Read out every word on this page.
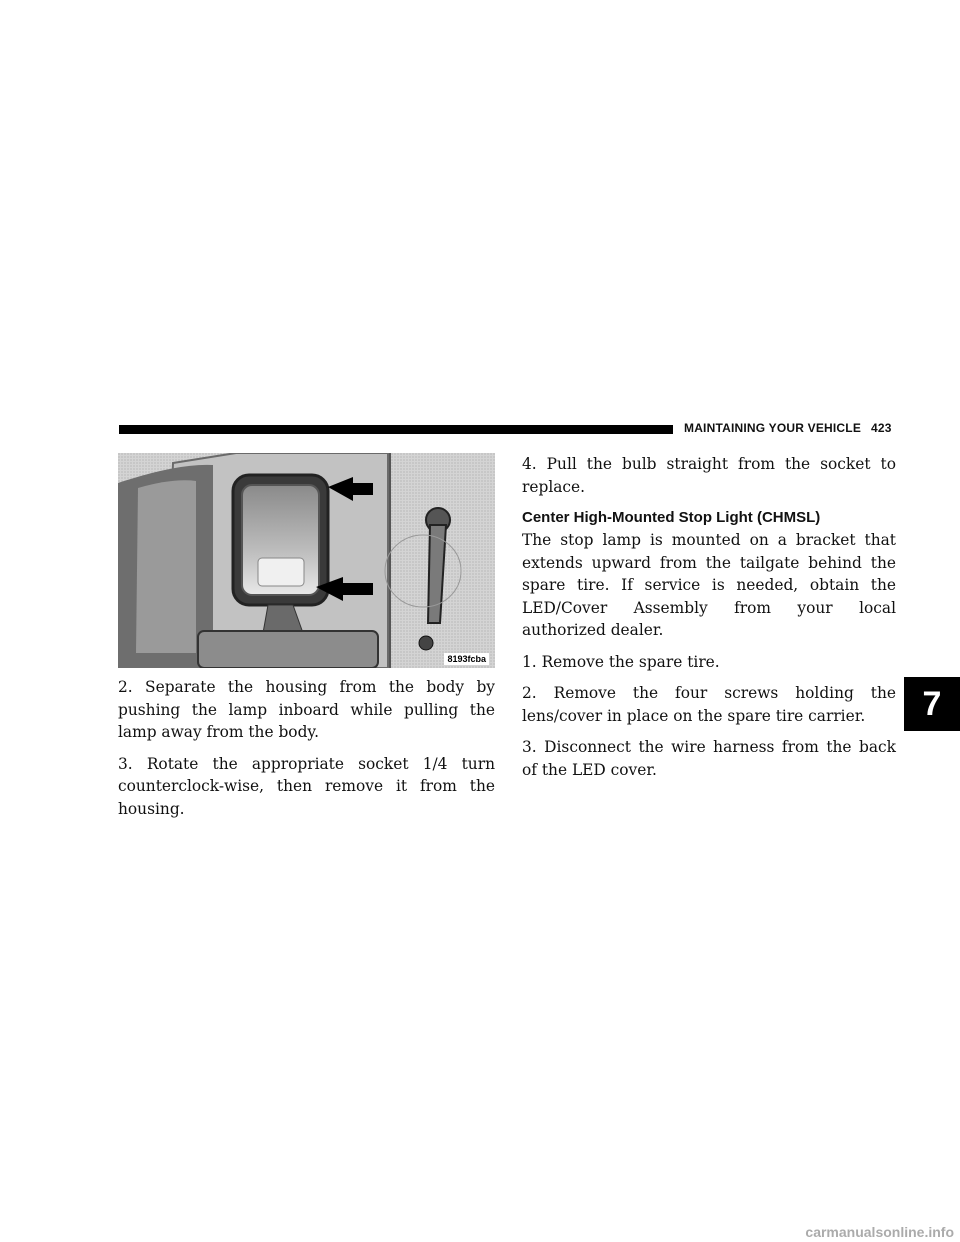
MAINTAINING YOUR VEHICLE 423
8193fcba

2. Separate the housing from the body by pushing the lamp inboard while pulling the lamp away from the body.

3. Rotate the appropriate socket 1/4 turn counterclock-wise, then remove it from the housing.

4. Pull the bulb straight from the socket to replace.

Center High-Mounted Stop Light (CHMSL)

The stop lamp is mounted on a bracket that extends upward from the tailgate behind the spare tire. If service is needed, obtain the LED/Cover Assembly from your local authorized dealer.

1. Remove the spare tire.

2. Remove the four screws holding the lens/cover in place on the spare tire carrier.

3. Disconnect the wire harness from the back of the LED cover.

7
carmanualsonline.info
